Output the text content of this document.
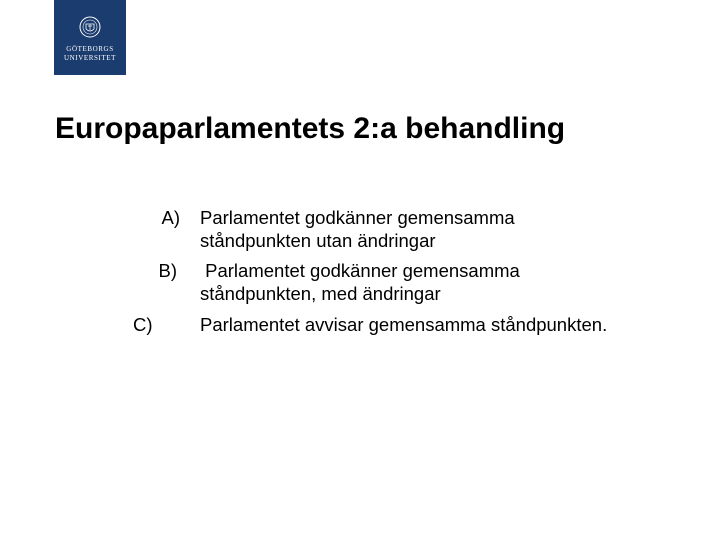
GÖTEBORGS
UNIVERSITET
Europaparlamentets 2:a behandling
A) Parlamentet godkänner gemensamma
ståndpunkten utan ändringar
B) Parlamentet godkänner gemensamma
ståndpunkten, med ändringar
C)	Parlamentet avvisar gemensamma ståndpunkten.
